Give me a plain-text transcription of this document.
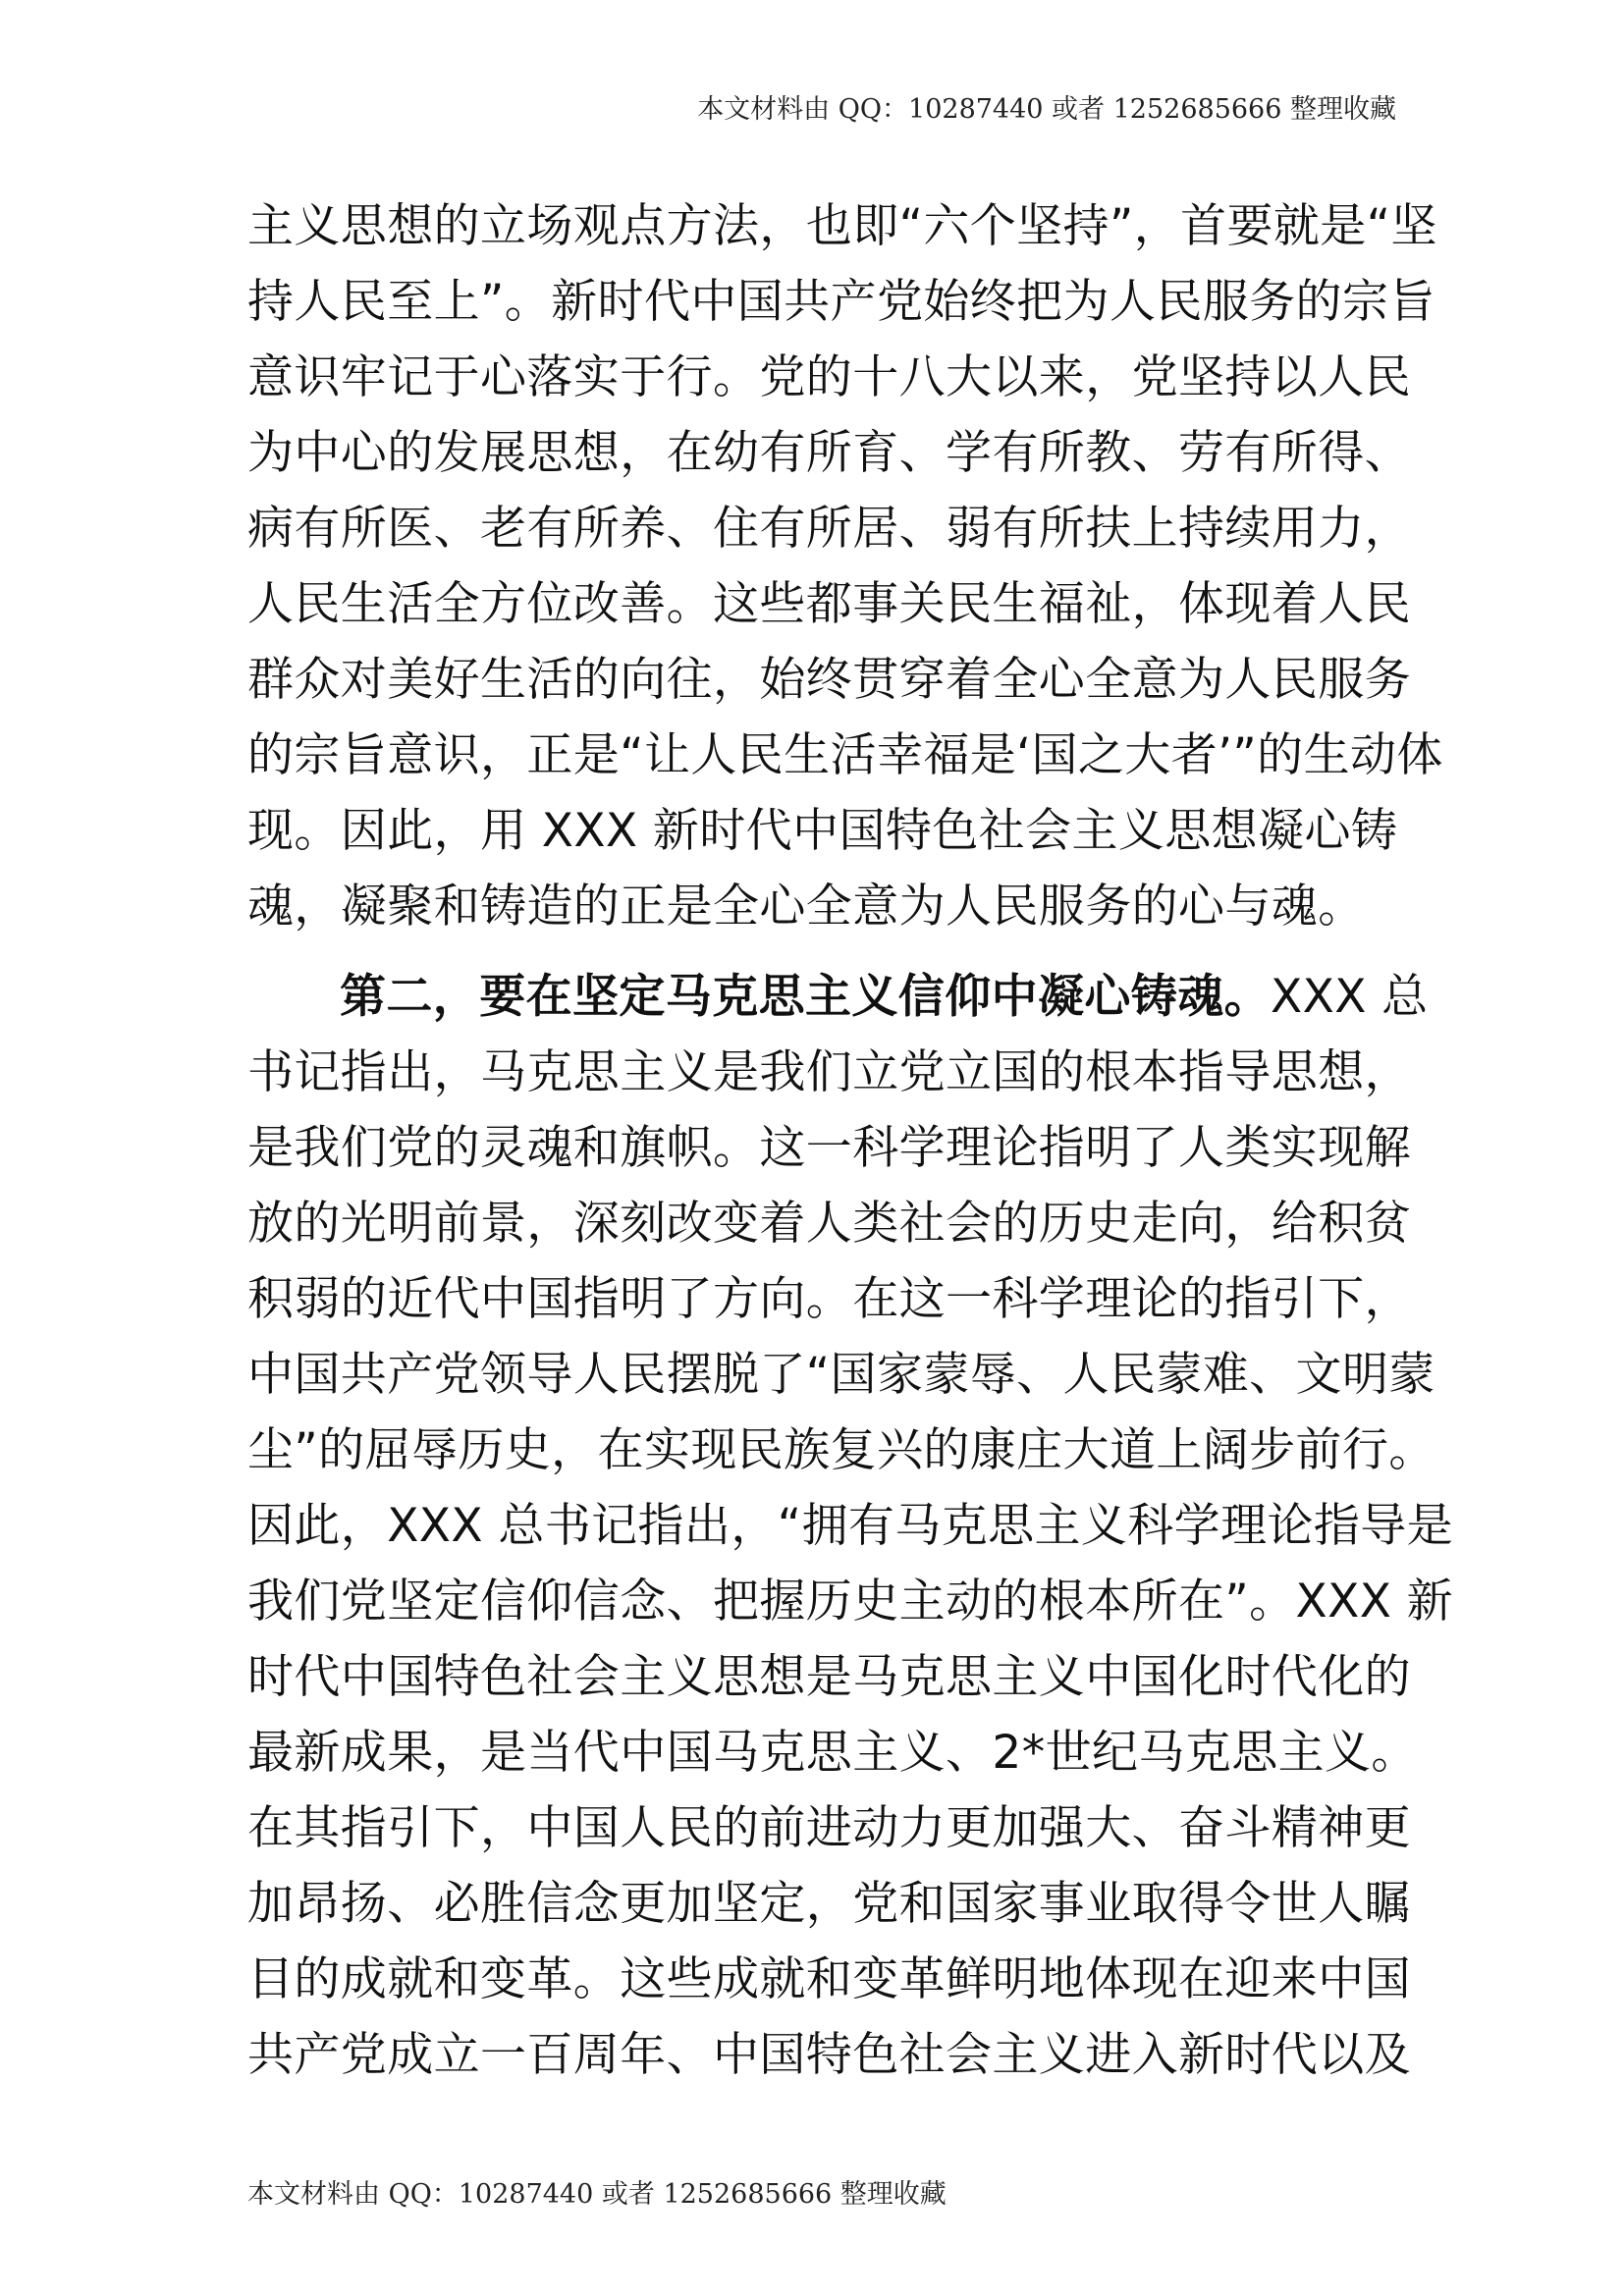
本文材料由 QQ：10287440 或者 1252685666 整理收藏
主义思想的立场观点方法，也即“六个坚持”，首要就是“坚
持人民至上”。新时代中国共产党始终把为人民服务的宗旨
意识牢记于心落实于行。党的十八大以来，党坚持以人民
为中心的发展思想，在幼有所育、学有所教、劳有所得、
病有所医、老有所养、住有所居、弱有所扶上持续用力，
人民生活全方位改善。这些都事关民生福祉，体现着人民
群众对美好生活的向往，始终贯穿着全心全意为人民服务
的宗旨意识，正是“让人民生活幸福是‘国之大者’”的生动体
现。因此，用 XXX 新时代中国特色社会主义思想凝心铸
魂，凝聚和铸造的正是全心全意为人民服务的心与魂。
第二，要在坚定马克思主义信仰中凝心铸魂。XXX 总
书记指出，马克思主义是我们立党立国的根本指导思想，
是我们党的灵魂和旗帜。这一科学理论指明了人类实现解
放的光明前景，深刻改变着人类社会的历史走向，给积贫
积弱的近代中国指明了方向。在这一科学理论的指引下，
中国共产党领导人民摆脱了“国家蒙辱、人民蒙难、文明蒙
尘”的屈辱历史，在实现民族复兴的康庄大道上阔步前行。
因此，XXX 总书记指出，“拥有马克思主义科学理论指导是
我们党坚定信仰信念、把握历史主动的根本所在”。XXX 新
时代中国特色社会主义思想是马克思主义中国化时代化的
最新成果，是当代中国马克思主义、2*世纪马克思主义。
在其指引下，中国人民的前进动力更加强大、奋斗精神更
加昂扬、必胜信念更加坚定，党和国家事业取得令世人瞩
目的成就和变革。这些成就和变革鲜明地体现在迎来中国
共产党成立一百周年、中国特色社会主义进入新时代以及
本文材料由 QQ：10287440 或者 1252685666 整理收藏
